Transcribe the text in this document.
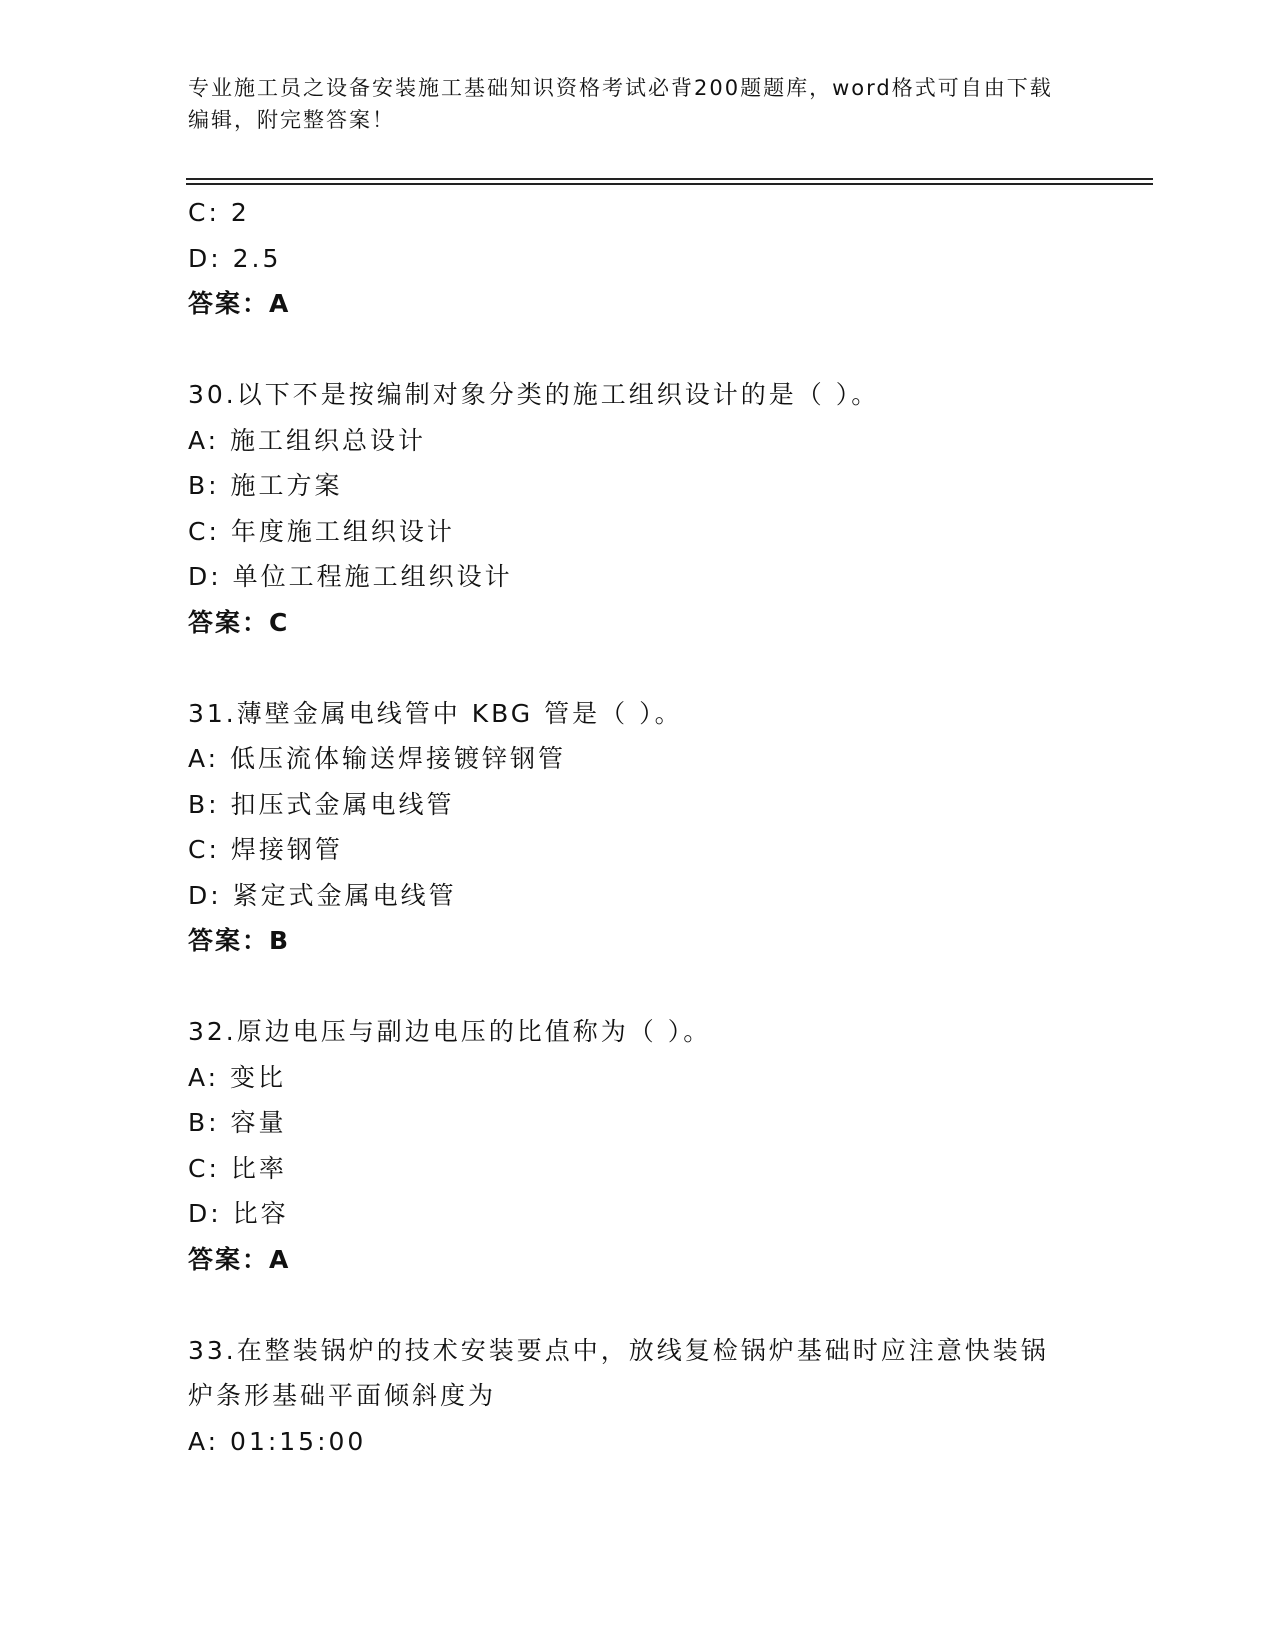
专业施工员之设备安装施工基础知识资格考试必背200题题库，word格式可自由下载编辑，附完整答案！
C: 2
D: 2.5
答案：A
30.以下不是按编制对象分类的施工组织设计的是（ ）。
A: 施工组织总设计
B: 施工方案
C: 年度施工组织设计
D: 单位工程施工组织设计
答案：C
31.薄壁金属电线管中 KBG 管是（ ）。
A: 低压流体输送焊接镀锌钢管
B: 扣压式金属电线管
C: 焊接钢管
D: 紧定式金属电线管
答案：B
32.原边电压与副边电压的比值称为（ ）。
A: 变比
B: 容量
C: 比率
D: 比容
答案：A
33.在整装锅炉的技术安装要点中，放线复检锅炉基础时应注意快装锅
炉条形基础平面倾斜度为
A: 01:15:00
